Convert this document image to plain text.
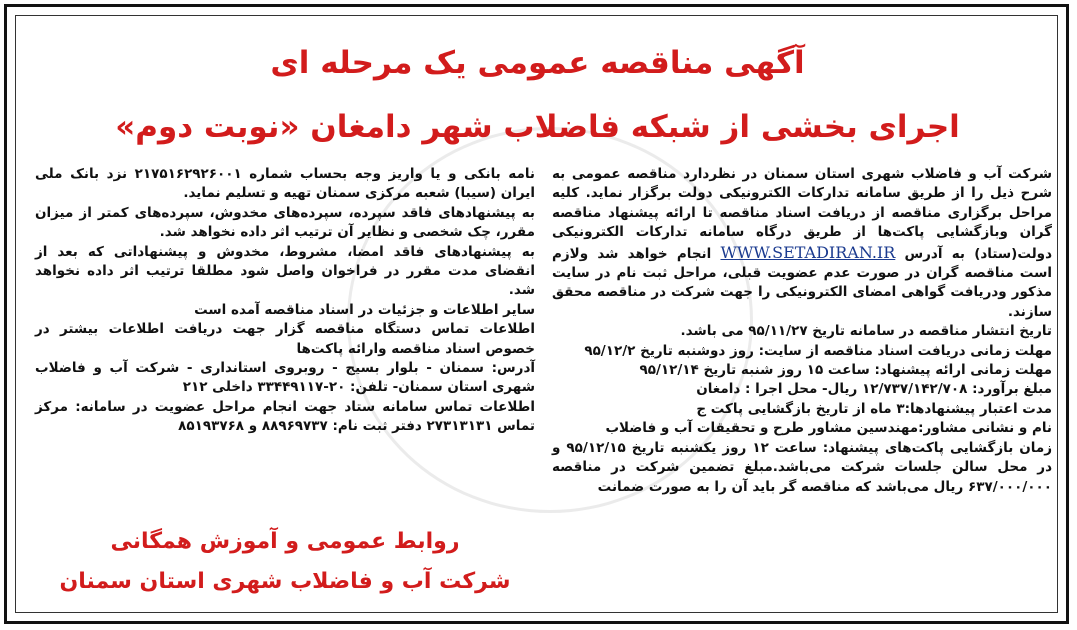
آگهی مناقصه عمومی یک مرحله ای
اجرای بخشی از شبکه فاضلاب شهر دامغان «نوبت دوم»

شرکت آب و فاضلاب شهری استان سمنان در نظردارد مناقصه عمومی به شرح ذیل را از طریق سامانه تدارکات الکترونیکی دولت برگزار نماید. کلیه مراحل برگزاری مناقصه از دریافت اسناد مناقصه تا ارائه پیشنهاد مناقصه گران وبازگشایی پاکت‌ها از طریق درگاه سامانه تدارکات الکترونیکی دولت(ستاد) به آدرس WWW.SETADIRAN.IR انجام خواهد شد ولازم است مناقصه گران در صورت عدم عضویت قبلی، مراحل ثبت نام در سایت مذکور ودریافت گواهی امضای الکترونیکی را جهت شرکت در مناقصه محقق سازند.

تاریخ انتشار مناقصه در سامانه تاریخ ۹۵/۱۱/۲۷ می باشد.

مهلت زمانی دریافت اسناد مناقصه از سایت: روز دوشنبه تاریخ ۹۵/۱۲/۲

مهلت زمانی ارائه پیشنهاد: ساعت ۱۵ روز شنبه تاریخ ۹۵/۱۲/۱۴

مبلغ برآورد: ۱۲/۷۳۷/۱۴۲/۷۰۸ ریال- محل اجرا : دامغان

مدت اعتبار پیشنهادها:۳ ماه از تاریخ بازگشایی پاکت ج

نام و نشانی مشاور:مهندسین مشاور طرح و تحقیقات آب و فاضلاب

زمان بازگشایی پاکت‌های پیشنهاد: ساعت ۱۲ روز یکشنبه تاریخ ۹۵/۱۲/۱۵ و در محل سالن جلسات شرکت می‌باشد.مبلغ تضمین شرکت در مناقصه ۶۳۷/۰۰۰/۰۰۰ ریال می‌باشد که مناقصه گر باید آن را به صورت ضمانت

نامه بانکی و یا واریز وجه بحساب شماره ۲۱۷۵۱۶۲۹۲۶۰۰۱ نزد بانک ملی ایران (سیبا) شعبه مرکزی سمنان تهیه و تسلیم نماید.

به پیشنهادهای فاقد سپرده، سپرده‌های مخدوش، سپرده‌های کمتر از میزان مقرر، چک شخصی و نظایر آن ترتیب اثر داده نخواهد شد.

به پیشنهادهای فاقد امضا، مشروط، مخدوش و پیشنهاداتی که بعد از انقضای مدت مقرر در فراخوان واصل شود مطلقا ترتیب اثر داده نخواهد شد.

سایر اطلاعات و جزئیات در اسناد مناقصه آمده است

اطلاعات تماس دستگاه مناقصه گزار جهت دریافت اطلاعات بیشتر در خصوص اسناد مناقصه وارائه پاکت‌ها

آدرس: سمنان - بلوار بسیج - روبروی استانداری - شرکت آب و فاضلاب شهری استان سمنان- تلفن: ۲۰-۳۳۴۴۹۱۱۷ داخلی ۲۱۲

اطلاعات تماس سامانه ستاد جهت انجام مراحل عضویت در سامانه: مرکز تماس ۲۷۳۱۳۱۳۱ دفتر ثبت نام: ۸۸۹۶۹۷۳۷ و ۸۵۱۹۳۷۶۸

روابط عمومی و آموزش همگانی
شرکت آب و فاضلاب شهری استان سمنان
